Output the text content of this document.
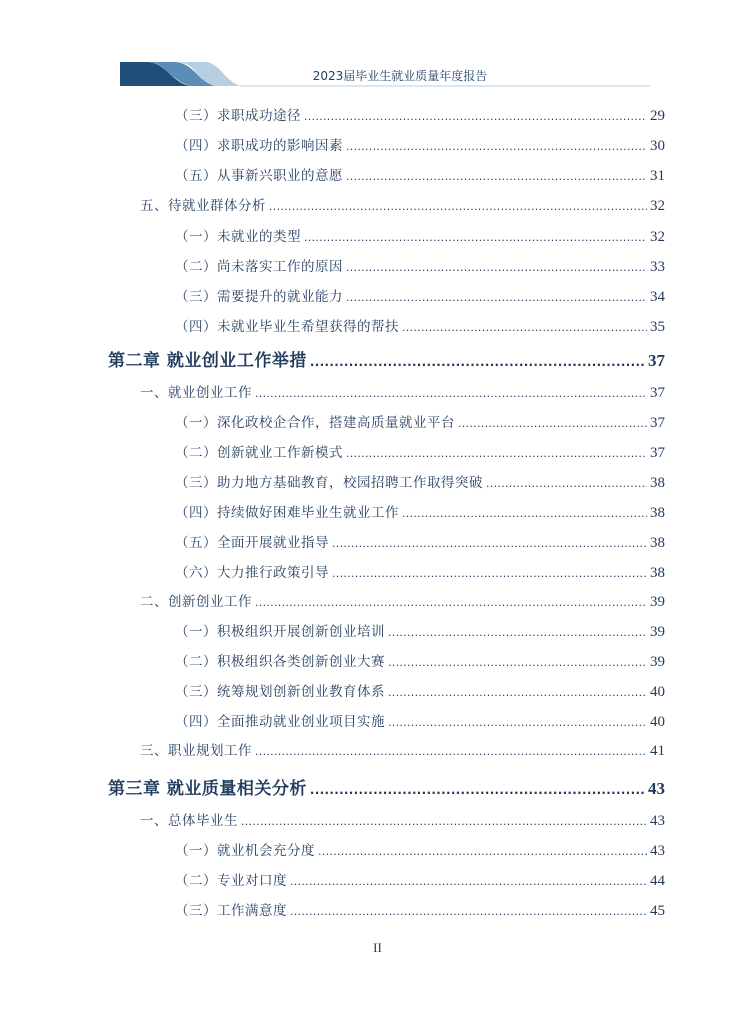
2023届毕业生就业质量年度报告
（三）求职成功途径 .....	29
（四）求职成功的影响因素 .....	30
（五）从事新兴职业的意愿 .....	31
五、待就业群体分析 .....	32
（一）未就业的类型 .....	32
（二）尚未落实工作的原因 .....	33
（三）需要提升的就业能力 .....	34
（四）未就业毕业生希望获得的帮扶 .....	35
第二章 就业创业工作举措 .....	37
一、就业创业工作 .....	37
（一）深化政校企合作，搭建高质量就业平台 .....	37
（二）创新就业工作新模式 .....	37
（三）助力地方基础教育，校园招聘工作取得突破 .....	38
（四）持续做好困难毕业生就业工作 .....	38
（五）全面开展就业指导 .....	38
（六）大力推行政策引导 .....	38
二、创新创业工作 .....	39
（一）积极组织开展创新创业培训 .....	39
（二）积极组织各类创新创业大赛 .....	39
（三）统筹规划创新创业教育体系 .....	40
（四）全面推动就业创业项目实施 .....	40
三、职业规划工作 .....	41
第三章 就业质量相关分析 .....	43
一、总体毕业生 .....	43
（一）就业机会充分度 .....	43
（二）专业对口度 .....	44
（三）工作满意度 .....	45
II
